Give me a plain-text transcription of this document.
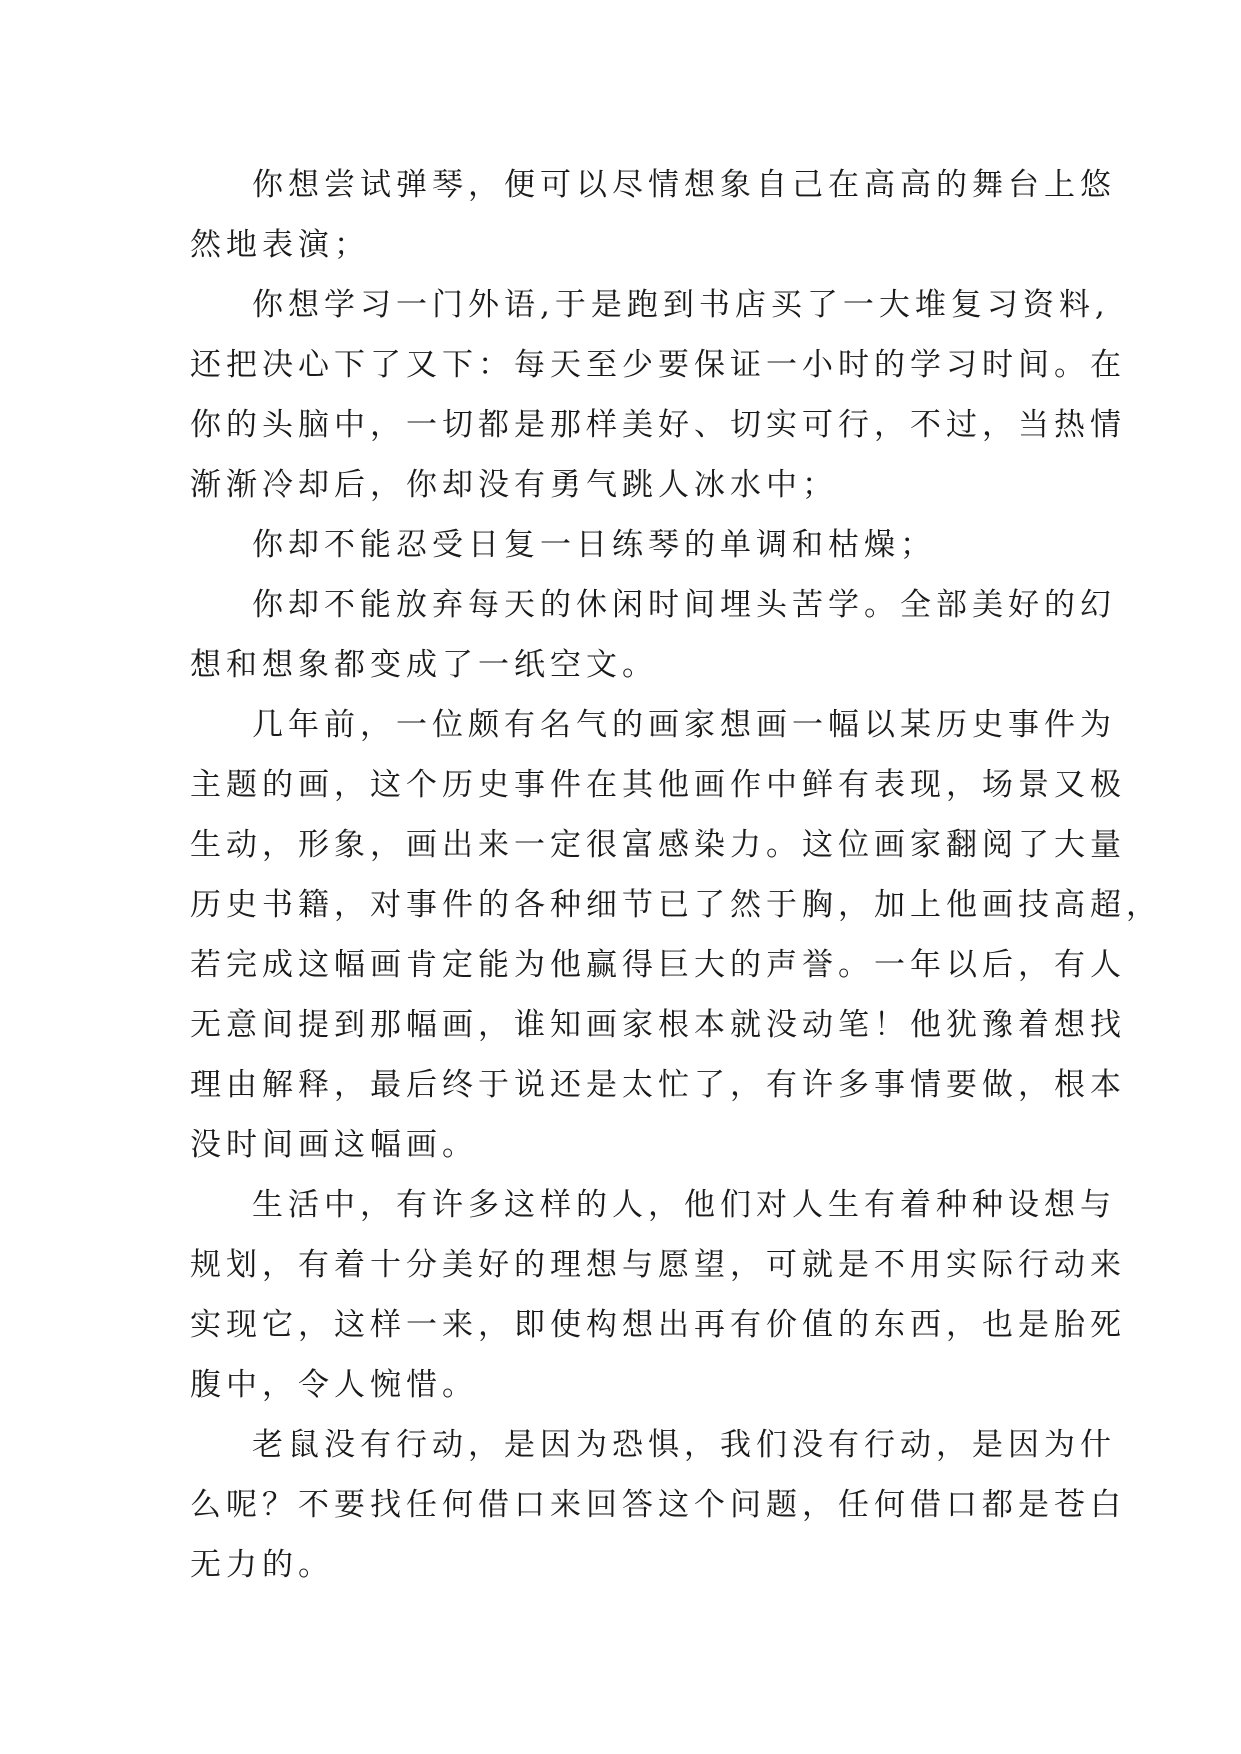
你想尝试弹琴，便可以尽情想象自己在高高的舞台上悠
然地表演；
你想学习一门外语,于是跑到书店买了一大堆复习资料,
还把决心下了又下：每天至少要保证一小时的学习时间。在
你的头脑中，一切都是那样美好、切实可行，不过，当热情
渐渐冷却后，你却没有勇气跳人冰水中；
你却不能忍受日复一日练琴的单调和枯燥；
你却不能放弃每天的休闲时间埋头苦学。全部美好的幻
想和想象都变成了一纸空文。
几年前，一位颇有名气的画家想画一幅以某历史事件为
主题的画，这个历史事件在其他画作中鲜有表现，场景又极
生动，形象，画出来一定很富感染力。这位画家翻阅了大量
历史书籍，对事件的各种细节已了然于胸，加上他画技高超，
若完成这幅画肯定能为他赢得巨大的声誉。一年以后，有人
无意间提到那幅画，谁知画家根本就没动笔！他犹豫着想找
理由解释，最后终于说还是太忙了，有许多事情要做，根本
没时间画这幅画。
生活中，有许多这样的人，他们对人生有着种种设想与
规划，有着十分美好的理想与愿望，可就是不用实际行动来
实现它，这样一来，即使构想出再有价值的东西，也是胎死
腹中，令人惋惜。
老鼠没有行动，是因为恐惧，我们没有行动，是因为什
么呢？不要找任何借口来回答这个问题，任何借口都是苍白
无力的。
